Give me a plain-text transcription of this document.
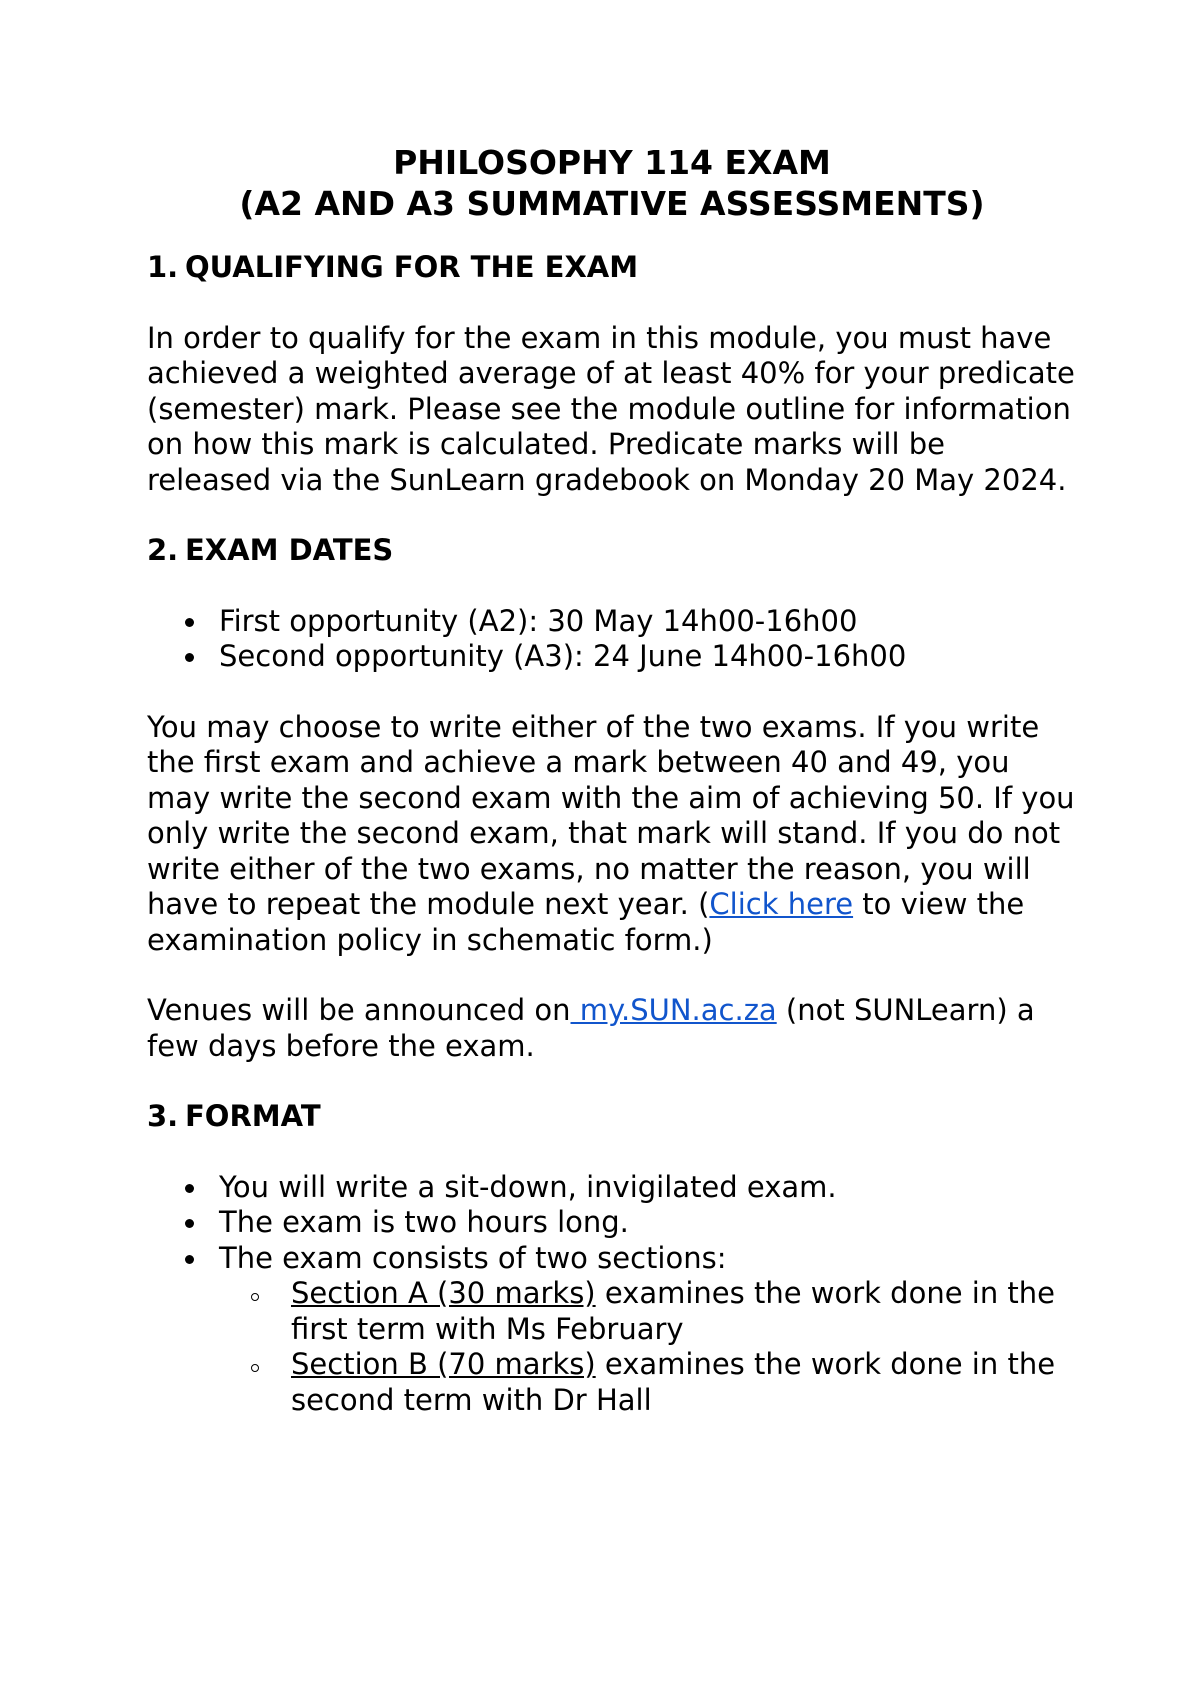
PHILOSOPHY 114 EXAM

(A2 AND A3 SUMMATIVE ASSESSMENTS)

1. QUALIFYING FOR THE EXAM

In order to qualify for the exam in this module, you must have achieved a weighted average of at least 40% for your predicate (semester) mark. Please see the module outline for information on how this mark is calculated. Predicate marks will be released via the SunLearn gradebook on Monday 20 May 2024.

2. EXAM DATES
First opportunity (A2): 30 May 14h00-16h00
Second opportunity (A3): 24 June 14h00-16h00

You may choose to write either of the two exams. If you write the first exam and achieve a mark between 40 and 49, you may write the second exam with the aim of achieving 50. If you only write the second exam, that mark will stand. If you do not write either of the two exams, no matter the reason, you will have to repeat the module next year. (Click here to view the examination policy in schematic form.)

Venues will be announced on my.SUN.ac.za (not SUNLearn) a few days before the exam.

3. FORMAT
You will write a sit-down, invigilated exam.
The exam is two hours long.
The exam consists of two sections:
Section A (30 marks) examines the work done in the first term with Ms February
Section B (70 marks) examines the work done in the second term with Dr Hall
